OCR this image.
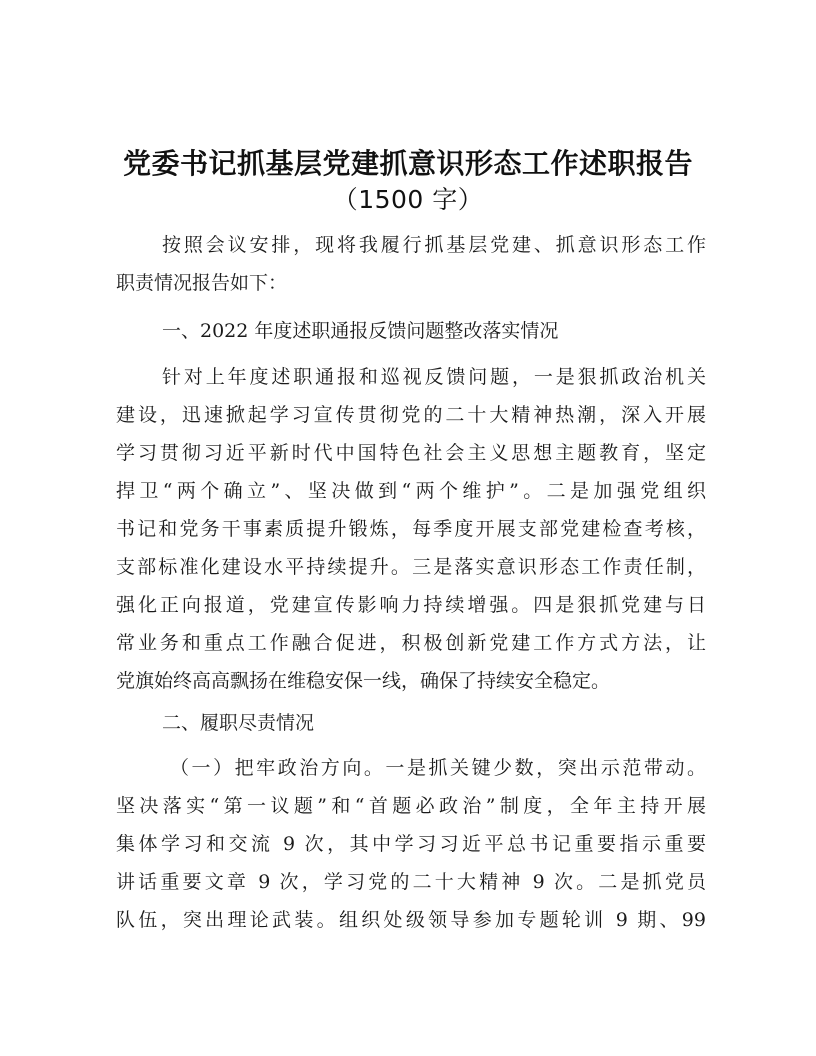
党委书记抓基层党建抓意识形态工作述职报告
（1500 字）
按照会议安排，现将我履行抓基层党建、抓意识形态工作
职责情况报告如下：
一、2022 年度述职通报反馈问题整改落实情况
针对上年度述职通报和巡视反馈问题，一是狠抓政治机关
建设，迅速掀起学习宣传贯彻党的二十大精神热潮，深入开展
学习贯彻习近平新时代中国特色社会主义思想主题教育，坚定
捍卫“两个确立”、坚决做到“两个维护”。二是加强党组织
书记和党务干事素质提升锻炼，每季度开展支部党建检查考核，
支部标准化建设水平持续提升。三是落实意识形态工作责任制，
强化正向报道，党建宣传影响力持续增强。四是狠抓党建与日
常业务和重点工作融合促进，积极创新党建工作方式方法，让
党旗始终高高飘扬在维稳安保一线，确保了持续安全稳定。
二、履职尽责情况
（一）把牢政治方向。一是抓关键少数，突出示范带动。
坚决落实“第一议题”和“首题必政治”制度，全年主持开展
集体学习和交流 9 次，其中学习习近平总书记重要指示重要
讲话重要文章 9 次，学习党的二十大精神 9 次。二是抓党员
队伍，突出理论武装。组织处级领导参加专题轮训 9 期、99
